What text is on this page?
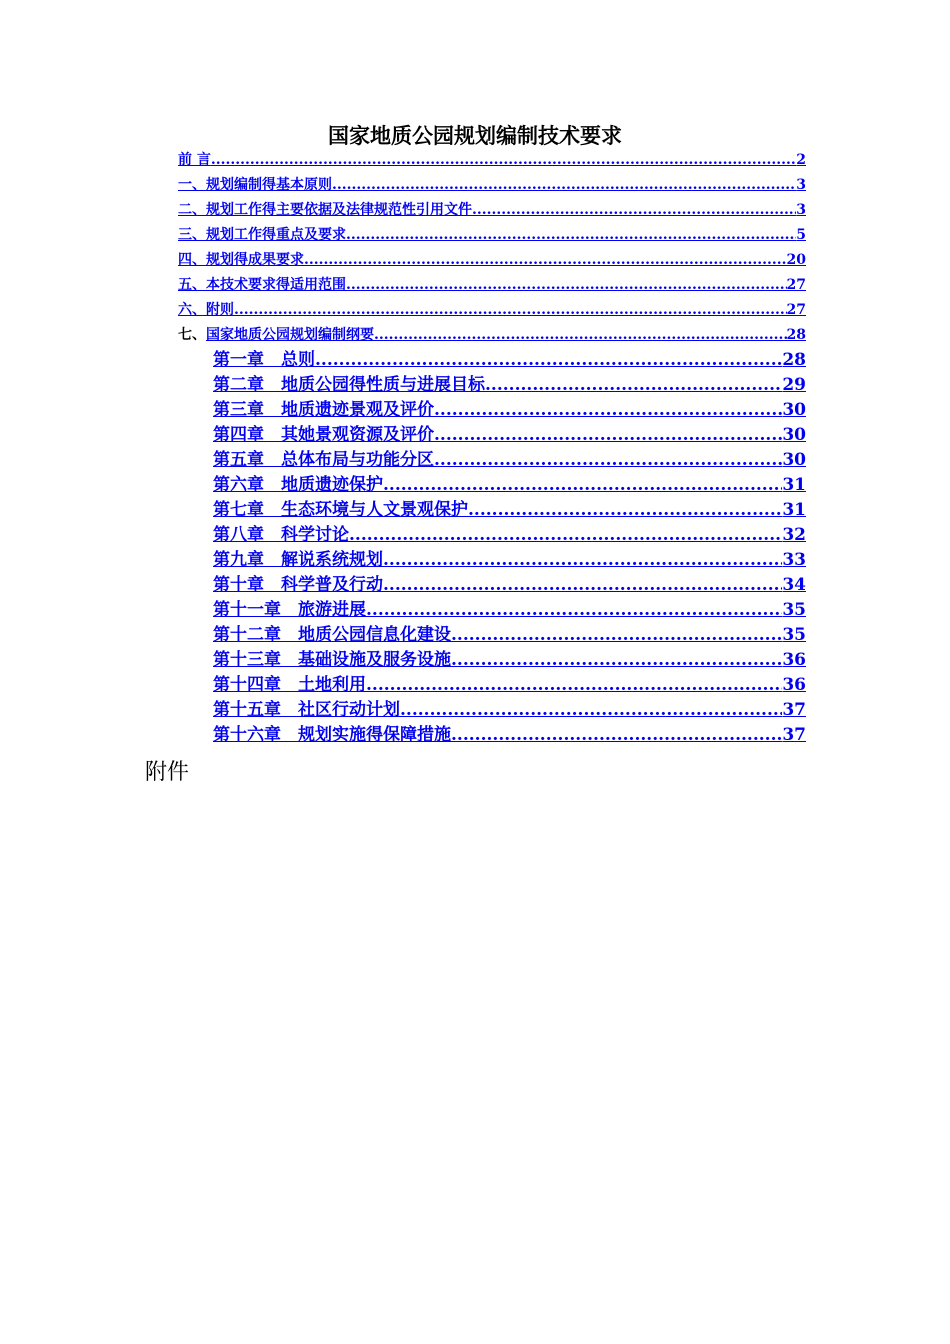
国家地质公园规划编制技术要求
前 言 .....	2
一、规划编制得基本原则 .....	3
二、规划工作得主要依据及法律规范性引用文件 .....	3
三、规划工作得重点及要求 .....	5
四、规划得成果要求 .....	20
五、本技术要求得适用范围 .....	27
六、附则 .....	27
七、 国家地质公园规划编制纲要 .....	28
第一章　总则 .....	28
第二章　地质公园得性质与进展目标 .....	29
第三章　地质遗迹景观及评价 .....	30
第四章　其她景观资源及评价 .....	30
第五章　总体布局与功能分区 .....	30
第六章　地质遗迹保护 .....	31
第七章　生态环境与人文景观保护 .....	31
第八章　科学讨论 .....	32
第九章　解说系统规划 .....	33
第十章　科学普及行动 .....	34
第十一章　旅游进展 .....	35
第十二章　地质公园信息化建设 .....	35
第十三章　基础设施及服务设施 .....	36
第十四章　土地利用 .....	36
第十五章　社区行动计划 .....	37
第十六章　规划实施得保障措施 .....	37
附件
